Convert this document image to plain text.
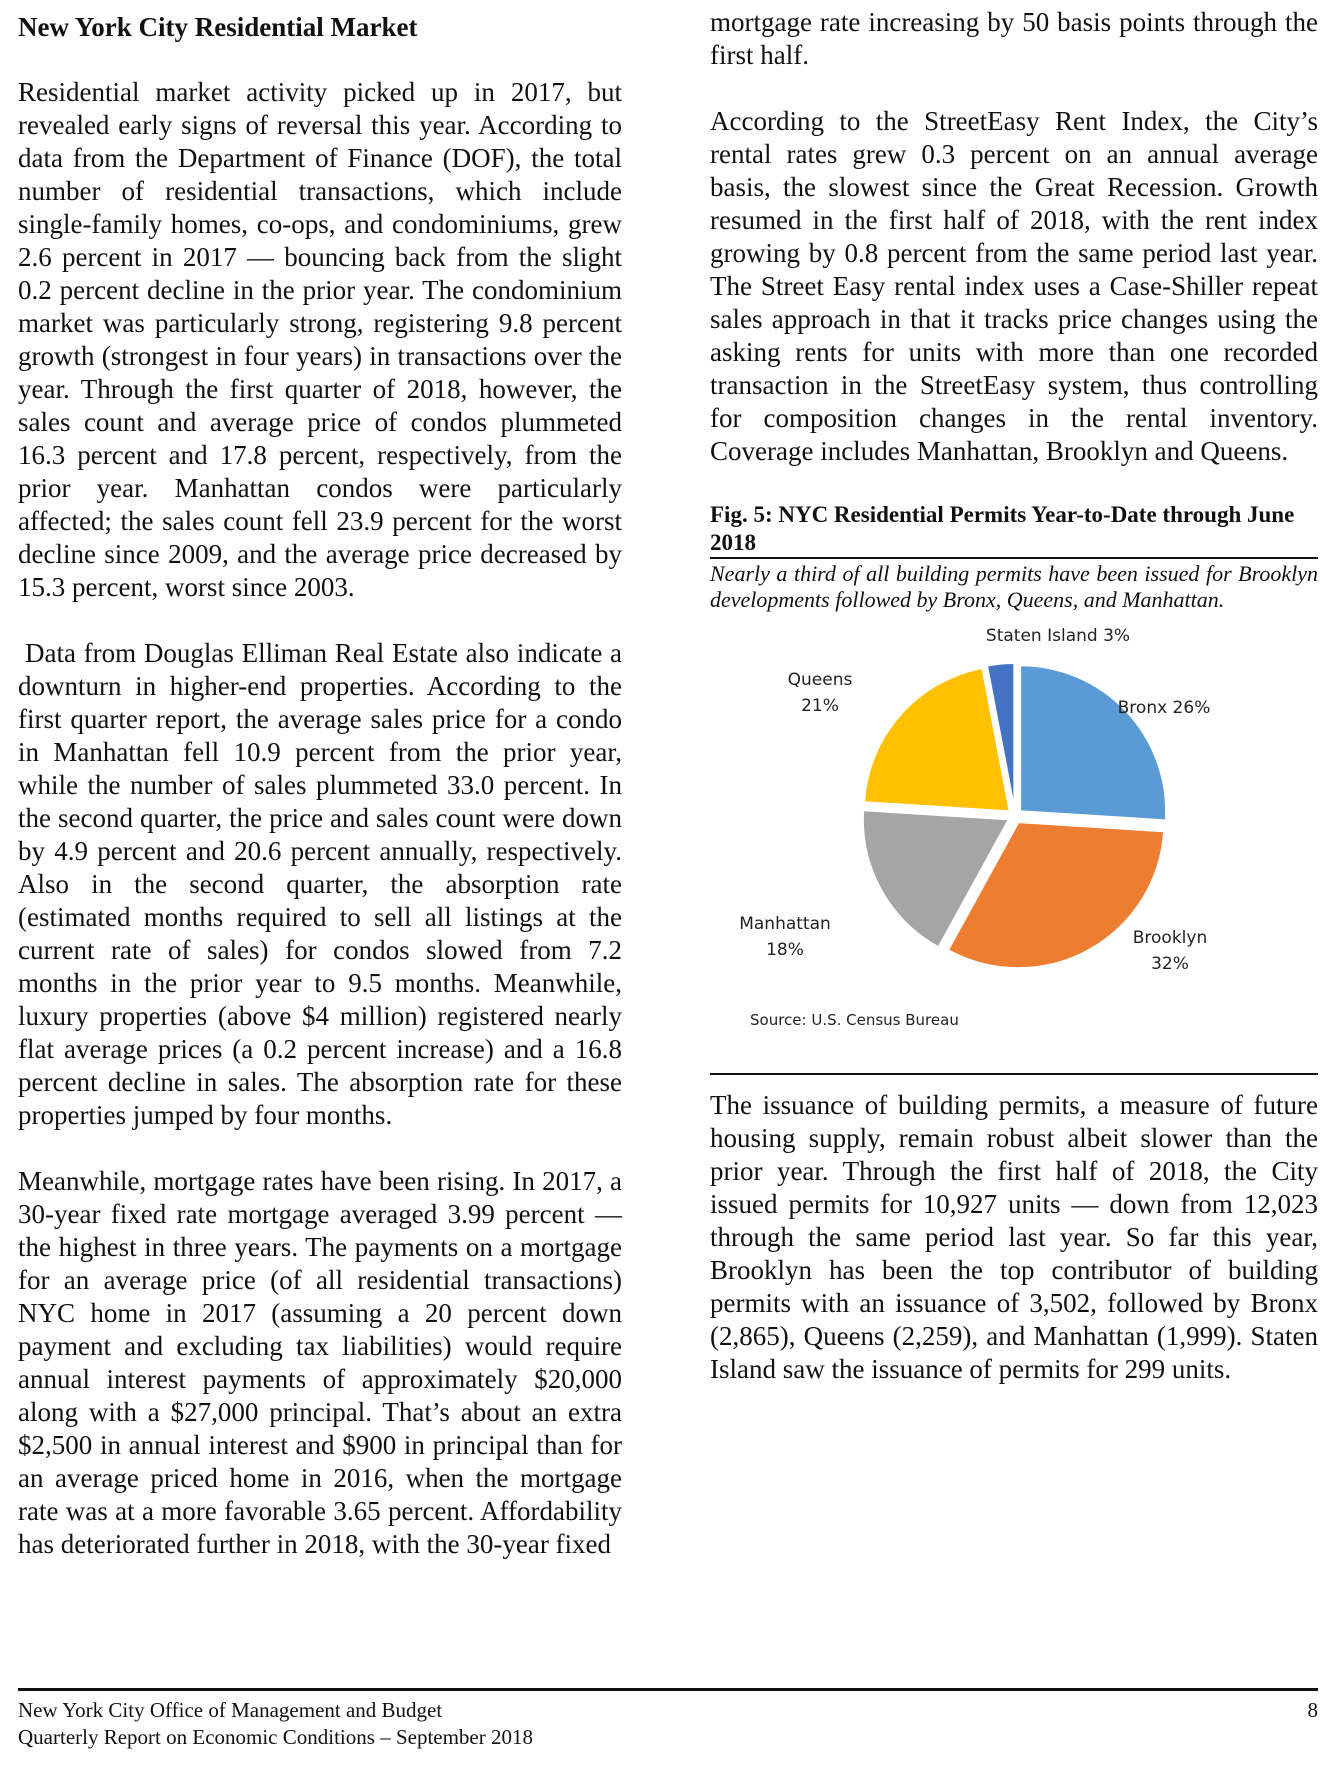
New York City Residential Market

Residential market activity picked up in 2017, but revealed early signs of reversal this year. According to data from the Department of Finance (DOF), the total number of residential transactions, which include single-family homes, co-ops, and condominiums, grew 2.6 percent in 2017 — bouncing back from the slight 0.2 percent decline in the prior year. The condominium market was particularly strong, registering 9.8 percent growth (strongest in four years) in transactions over the year. Through the first quarter of 2018, however, the sales count and average price of condos plummeted 16.3 percent and 17.8 percent, respectively, from the prior year. Manhattan condos were particularly affected; the sales count fell 23.9 percent for the worst decline since 2009, and the average price decreased by 15.3 percent, worst since 2003.

Data from Douglas Elliman Real Estate also indicate a downturn in higher-end properties. According to the first quarter report, the average sales price for a condo in Manhattan fell 10.9 percent from the prior year, while the number of sales plummeted 33.0 percent. In the second quarter, the price and sales count were down by 4.9 percent and 20.6 percent annually, respectively. Also in the second quarter, the absorption rate (estimated months required to sell all listings at the current rate of sales) for condos slowed from 7.2 months in the prior year to 9.5 months. Meanwhile, luxury properties (above $4 million) registered nearly flat average prices (a 0.2 percent increase) and a 16.8 percent decline in sales. The absorption rate for these properties jumped by four months.

Meanwhile, mortgage rates have been rising. In 2017, a 30-year fixed rate mortgage averaged 3.99 percent — the highest in three years. The payments on a mortgage for an average price (of all residential transactions) NYC home in 2017 (assuming a 20 percent down payment and excluding tax liabilities) would require annual interest payments of approximately $20,000 along with a $27,000 principal. That’s about an extra $2,500 in annual interest and $900 in principal than for an average priced home in 2016, when the mortgage rate was at a more favorable 3.65 percent. Affordability has deteriorated further in 2018, with the 30-year fixed

mortgage rate increasing by 50 basis points through the first half.

According to the StreetEasy Rent Index, the City’s rental rates grew 0.3 percent on an annual average basis, the slowest since the Great Recession. Growth resumed in the first half of 2018, with the rent index growing by 0.8 percent from the same period last year. The Street Easy rental index uses a Case-Shiller repeat sales approach in that it tracks price changes using the asking rents for units with more than one recorded transaction in the StreetEasy system, thus controlling for composition changes in the rental inventory. Coverage includes Manhattan, Brooklyn and Queens.

Fig. 5: NYC Residential Permits Year-to-Date through June 2018

Nearly a third of all building permits have been issued for Brooklyn developments followed by Bronx, Queens, and Manhattan.

Staten Island 3%
Queens 21%	Bronx 26%
Manhattan 18%
Brooklyn 32%
Source: U.S. Census Bureau

The issuance of building permits, a measure of future housing supply, remain robust albeit slower than the prior year. Through the first half of 2018, the City issued permits for 10,927 units — down from 12,023 through the same period last year. So far this year, Brooklyn has been the top contributor of building permits with an issuance of 3,502, followed by Bronx (2,865), Queens (2,259), and Manhattan (1,999). Staten Island saw the issuance of permits for 299 units.

New York City Office of Management and Budget
Quarterly Report on Economic Conditions – September 2018
8
